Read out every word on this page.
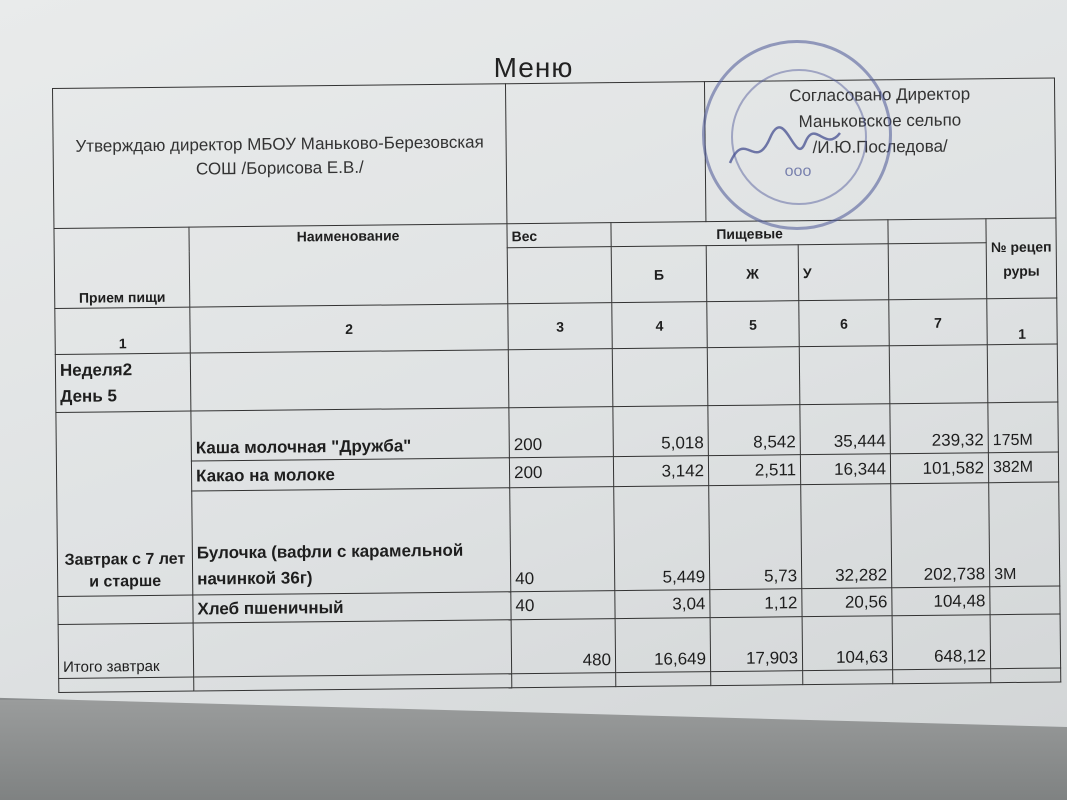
Меню
Утверждаю директор МБОУ Маньково-Березовская СОШ /Борисова Е.В./				Согласовано Директор
Маньковское сельпо
/И.Ю.Последова/			

Прием пищи	Наименование	Вес	Пищевые				№ рецеп руры
			Б	Ж	У		
1	2	3	4	5	6	7	1

Неделя2
День 5							

Завтрак с 7 лет и старше	Каша молочная "Дружба"	200	5,018	8,542	35,444	239,32	175М
	Какао на молоке	200	3,142	2,511	16,344	101,582	382М
	Булочка (вафли с карамельной начинкой 36г)	40	5,449	5,73	32,282	202,738	3М
	Хлеб пшеничный	40	3,04	1,12	20,56	104,48	
Итого завтрак		480	16,649	17,903	104,63	648,12	

ооо
